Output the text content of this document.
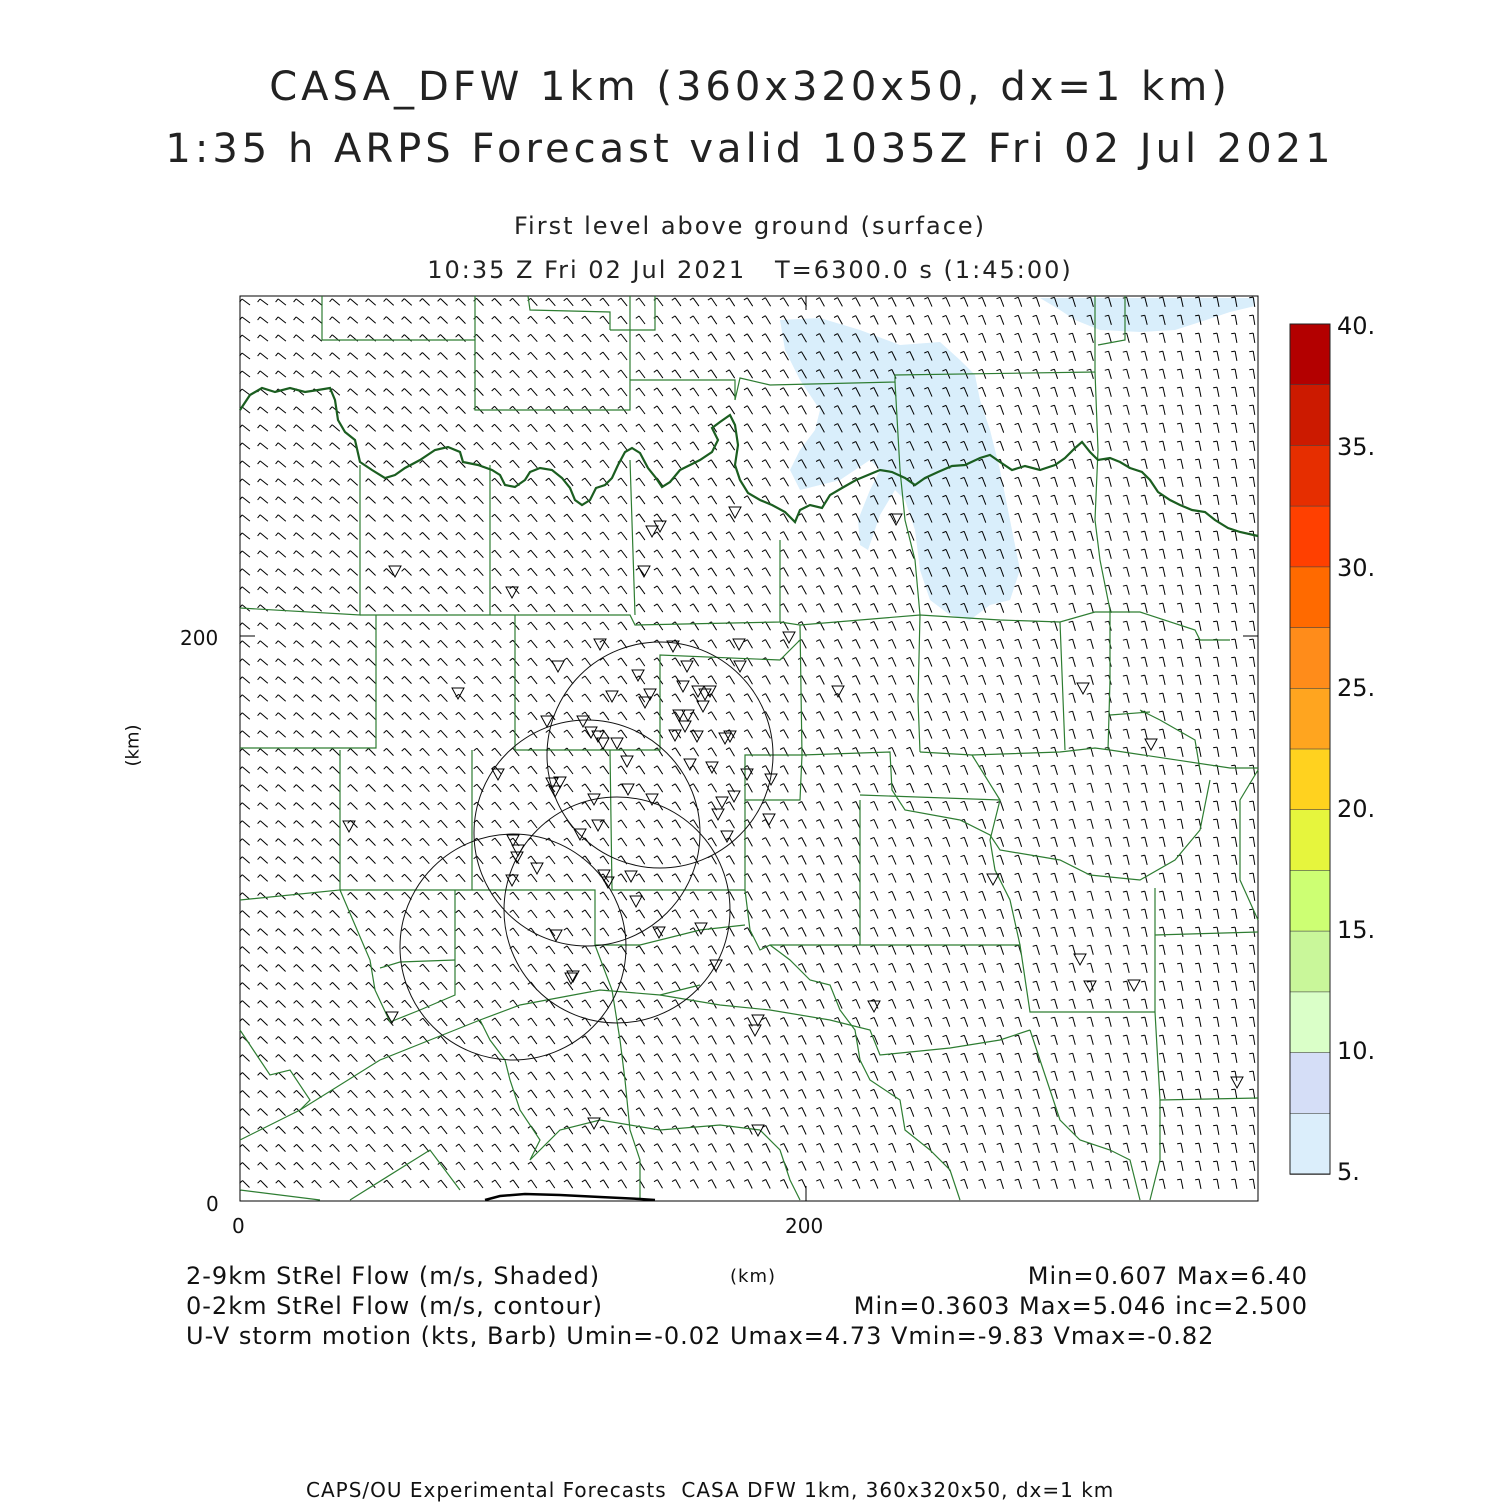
CASA_DFW 1km (360x320x50, dx=1 km)
1:35 h ARPS Forecast valid 1035Z Fri 02 Jul 2021
First level above ground (surface)
10:35 Z Fri 02 Jul 2021   T=6300.0 s (1:45:00)
200
0
0	200
(km)
40.
35.
30.
25.
20.
15.
10.
5.
2-9km StRel Flow (m/s, Shaded)	(km)	Min=0.607 Max=6.40
0-2km StRel Flow (m/s, contour)	Min=0.3603 Max=5.046 inc=2.500
U-V storm motion (kts, Barb) Umin=-0.02 Umax=4.73 Vmin=-9.83 Vmax=-0.82
CAPS/OU Experimental Forecasts  CASA DFW 1km, 360x320x50, dx=1 km
